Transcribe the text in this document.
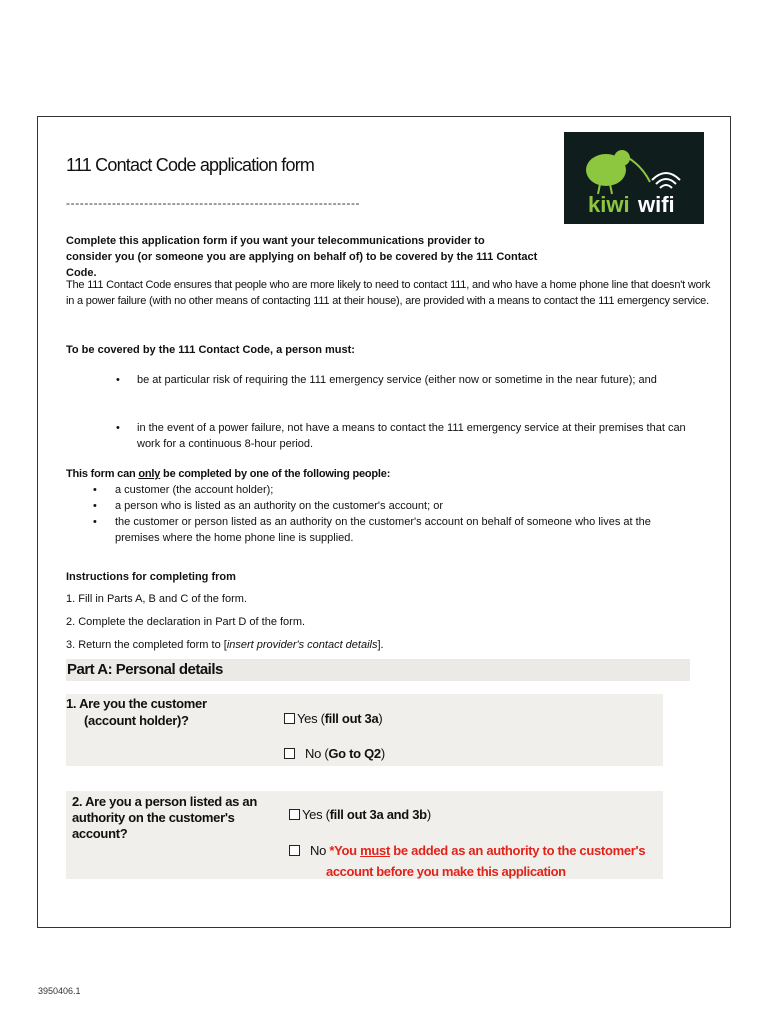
kiwi wifi
111 Contact Code application form
----------------------------------------------------------------
Complete this application form if you want your telecommunications provider to
consider you (or someone you are applying on behalf of) to be covered by the 111 Contact Code.
The 111 Contact Code ensures that people who are more likely to need to contact 111, and who have a home phone line that doesn't work in a power failure (with no other means of contacting 111 at their house), are provided with a means to contact the 111 emergency service.
To be covered by the 111 Contact Code, a person must:
• be at particular risk of requiring the 111 emergency service (either now or sometime in the near future); and
• in the event of a power failure, not have a means to contact the 111 emergency service at their premises that can work for a continuous 8-hour period.
This form can only be completed by one of the following people:
• a customer (the account holder);
• a person who is listed as an authority on the customer's account; or
• the customer or person listed as an authority on the customer's account on behalf of someone who lives at the premises where the home phone line is supplied.
Instructions for completing from
1. Fill in Parts A, B and C of the form.
2. Complete the declaration in Part D of the form.
3. Return the completed form to [insert provider's contact details].
Part A: Personal details
1. Are you the customer
(account holder)?	Yes (fill out 3a)
No (Go to Q2)
2. Are you a person listed as an authority on the customer's account?
Yes (fill out 3a and 3b)
No *You must be added as an authority to the customer's
account before you make this application
3950406.1
